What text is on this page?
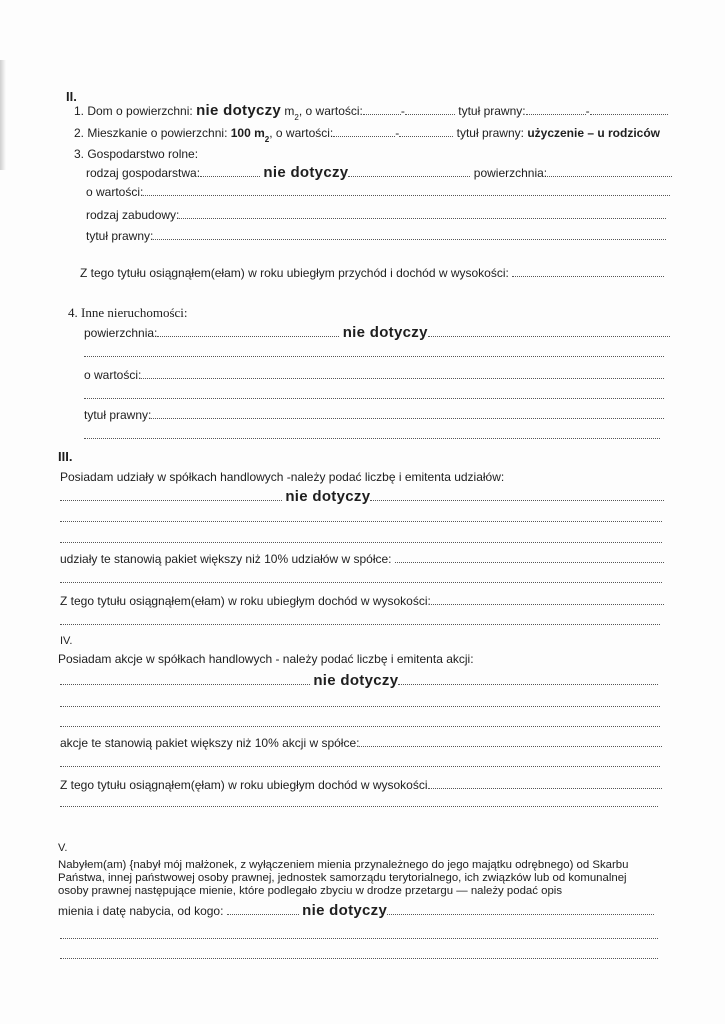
II.
1. Dom o powierzchni:
nie dotyczy
m 2 , o wartości:	-
	tytuł prawny:	-
2. Mieszkanie o powierzchni:
100 m 2 , o wartości:	-
	tytuł prawny:
użyczenie – u rodziców
3. Gospodarstwo rolne:
rodzaj gospodarstwa:
	nie dotyczy
	powierzchnia:
o wartości:
rodzaj zabudowy:
tytuł prawny:
Z tego tytułu osiągnąłem(ełam) w roku ubiegłym przychód i dochód w wysokości:

4. Inne nieruchomości:
powierzchnia:
	nie dotyczy
o wartości:
tytuł prawny:
III.
Posiadam udziały w spółkach handlowych -należy podać liczbę i emitenta udziałów:

nie dotyczy
udziały te stanowią pakiet większy niż 10% udziałów w spółce:

Z tego tytułu osiągnąłem(ełam) w roku ubiegłym dochód w wysokości:
IV.
Posiadam akcje w spółkach handlowych - należy podać liczbę i emitenta akcji:

nie dotyczy
akcje te stanowią pakiet większy niż 10% akcji w spółce:
Z tego tytułu osiągnąłem(ęłam) w roku ubiegłym dochód w wysokości
V.
Nabyłem(am) {nabył mój małżonek, z wyłączeniem mienia przynależnego do jego majątku odrębnego) od Skarbu
Państwa, innej państwowej osoby prawnej, jednostek samorządu terytorialnego, ich związków lub od komunalnej
osoby prawnej następujące mienie, które podlegało zbyciu w drodze przetargu — należy podać opis
mienia i datę nabycia, od kogo:

	nie dotyczy
